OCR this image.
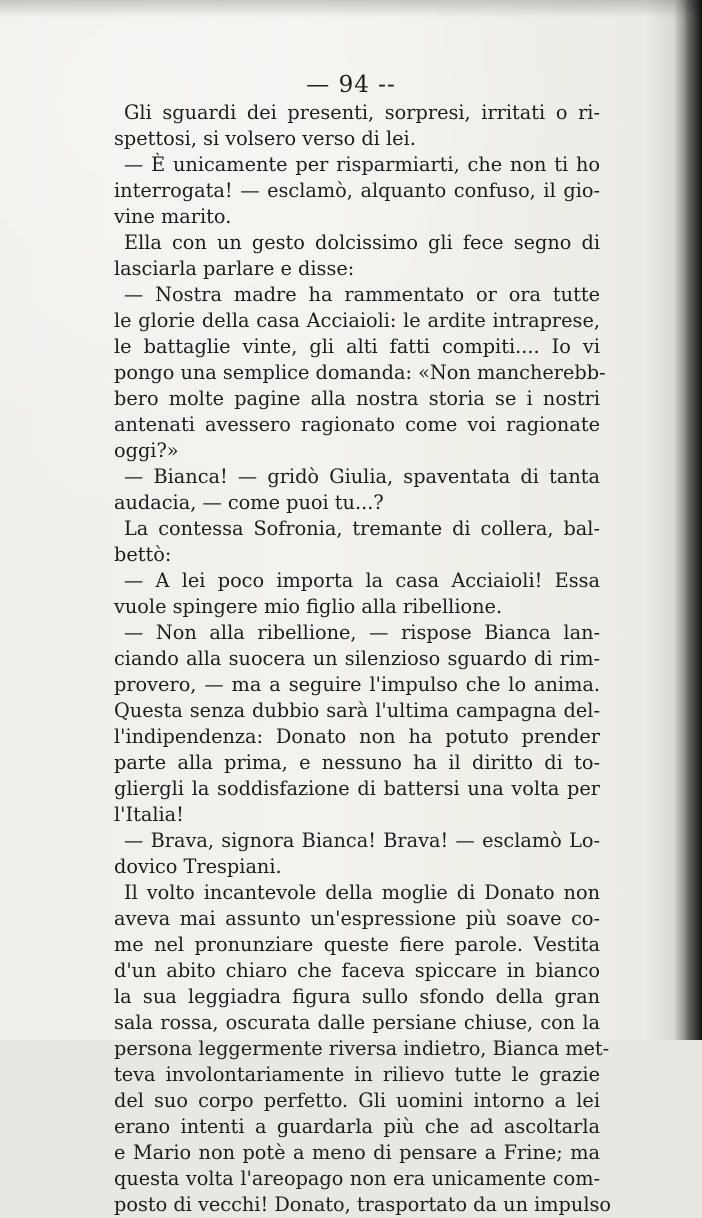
— 94 --
Gli sguardi dei presenti, sorpresi, irritati o ri-
spettosi, si volsero verso di lei.
— È unicamente per risparmiarti, che non ti ho
interrogata! — esclamò, alquanto confuso, il gio-
vine marito.
Ella con un gesto dolcissimo gli fece segno di
lasciarla parlare e disse:
— Nostra madre ha rammentato or ora tutte
le glorie della casa Acciaioli: le ardite intraprese,
le battaglie vinte, gli alti fatti compiti.... Io vi
pongo una semplice domanda: «Non mancherebb-
bero molte pagine alla nostra storia se i nostri
antenati avessero ragionato come voi ragionate
oggi?»
— Bianca! — gridò Giulia, spaventata di tanta
audacia, — come puoi tu...?
La contessa Sofronia, tremante di collera, bal-
bettò:
— A lei poco importa la casa Acciaioli! Essa
vuole spingere mio figlio alla ribellione.
— Non alla ribellione, — rispose Bianca lan-
ciando alla suocera un silenzioso sguardo di rim-
provero, — ma a seguire l'impulso che lo anima.
Questa senza dubbio sarà l'ultima campagna del-
l'indipendenza: Donato non ha potuto prender
parte alla prima, e nessuno ha il diritto di to-
gliergli la soddisfazione di battersi una volta per
l'Italia!
— Brava, signora Bianca! Brava! — esclamò Lo-
dovico Trespiani.
Il volto incantevole della moglie di Donato non
aveva mai assunto un'espressione più soave co-
me nel pronunziare queste fiere parole. Vestita
d'un abito chiaro che faceva spiccare in bianco
la sua leggiadra figura sullo sfondo della gran
sala rossa, oscurata dalle persiane chiuse, con la
persona leggermente riversa indietro, Bianca met-
teva involontariamente in rilievo tutte le grazie
del suo corpo perfetto. Gli uomini intorno a lei
erano intenti a guardarla più che ad ascoltarla
e Mario non potè a meno di pensare a Frine; ma
questa volta l'areopago non era unicamente com-
posto di vecchi! Donato, trasportato da un impulso
